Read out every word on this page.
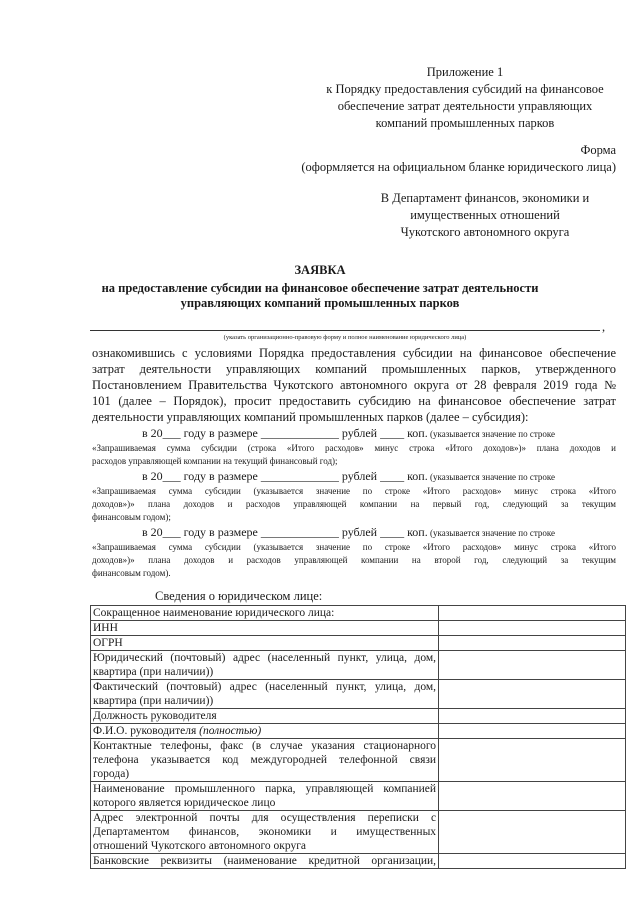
Приложение 1
к Порядку предоставления субсидий на финансовое
обеспечение затрат деятельности управляющих
компаний промышленных парков
Форма
(оформляется на официальном бланке юридического лица)
В Департамент финансов, экономики и
имущественных отношений
Чукотского автономного округа
ЗАЯВКА
на предоставление субсидии на финансовое обеспечение затрат деятельности
управляющих компаний промышленных парков
,
(указать организационно-правовую форму и полное наименование юридического лица)
ознакомившись с условиями Порядка предоставления субсидии на финансовое обеспечение
затрат деятельности управляющих компаний промышленных парков, утвержденного
Постановлением Правительства Чукотского автономного округа от 28 февраля 2019 года №
101 (далее – Порядок), просит предоставить субсидию на финансовое обеспечение затрат
деятельности управляющих компаний промышленных парков (далее – субсидия):
в 20___ году в размере _____________ рублей ____ коп. (указывается значение по строке
«Запрашиваемая сумма субсидии (строка «Итого расходов» минус строка «Итого доходов»)» плана доходов и
расходов управляющей компании на текущий финансовый год);
в 20___ году в размере _____________ рублей ____ коп. (указывается значение по строке
«Запрашиваемая сумма субсидии (указывается значение по строке «Итого расходов» минус строка «Итого
доходов»)» плана доходов и расходов управляющей компании на первый год, следующий за текущим
финансовым годом);
в 20___ году в размере _____________ рублей ____ коп. (указывается значение по строке
«Запрашиваемая сумма субсидии (указывается значение по строке «Итого расходов» минус строка «Итого
доходов»)» плана доходов и расходов управляющей компании на второй год, следующий за текущим
финансовым годом).
Сведения о юридическом лице:
Сокращенное наименование юридического лица:	

ИНН	

ОГРН	

Юридический (почтовый) адрес (населенный пункт, улица, дом,
квартира (при наличии))	

Фактический (почтовый) адрес (населенный пункт, улица, дом,
квартира (при наличии))	

Должность руководителя	

Ф.И.О. руководителя (полностью)	

Контактные телефоны, факс (в случае указания стационарного
телефона указывается код междугородней телефонной связи
города)	

Наименование промышленного парка, управляющей компанией
которого является юридическое лицо	

Адрес электронной почты для осуществления переписки с
Департаментом финансов, экономики и имущественных
отношений Чукотского автономного округа	

Банковские реквизиты (наименование кредитной организации,	
